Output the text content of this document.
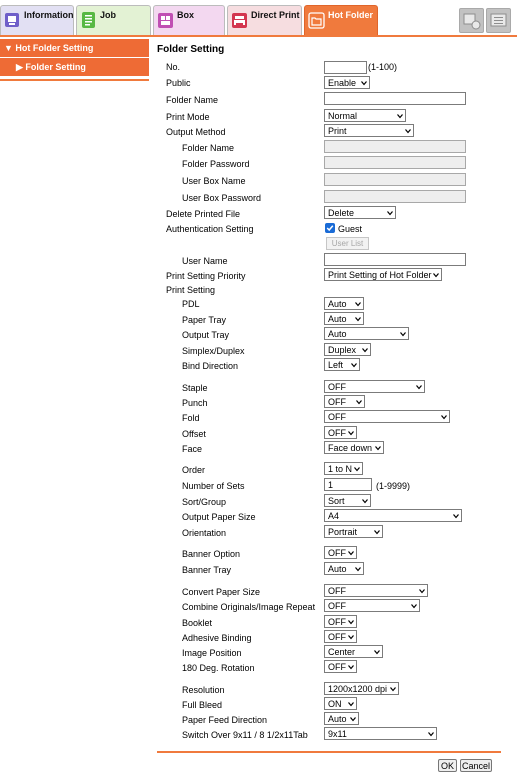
Information	Job	Box	Direct Print	Hot Folder
▼ Hot Folder Setting
▶ Folder Setting
Folder Setting
No.	(1-100)
Public	Enable
Folder Name
Print Mode	Normal
Output Method	Print
Folder Name
Folder Password
User Box Name
User Box Password
Delete Printed File	Delete
Authentication Setting	Guest
User List
User Name
Print Setting Priority	Print Setting of Hot Folder
Print Setting
PDL	Auto
Paper Tray	Auto
Output Tray	Auto
Simplex/Duplex	Duplex
Bind Direction	Left
Staple	OFF
Punch	OFF
Fold	OFF
Offset	OFF
Face	Face down
Order	1 to N
Number of Sets	1	(1-9999)
Sort/Group	Sort
Output Paper Size	A4
Orientation	Portrait
Banner Option	OFF
Banner Tray	Auto
Convert Paper Size	OFF
Combine Originals/Image Repeat	OFF
Booklet	OFF
Adhesive Binding	OFF
Image Position	Center
180 Deg. Rotation	OFF
Resolution	1200x1200 dpi
Full Bleed	ON
Paper Feed Direction	Auto
Switch Over 9x11 / 8 1/2x11Tab	9x11
OK Cancel
